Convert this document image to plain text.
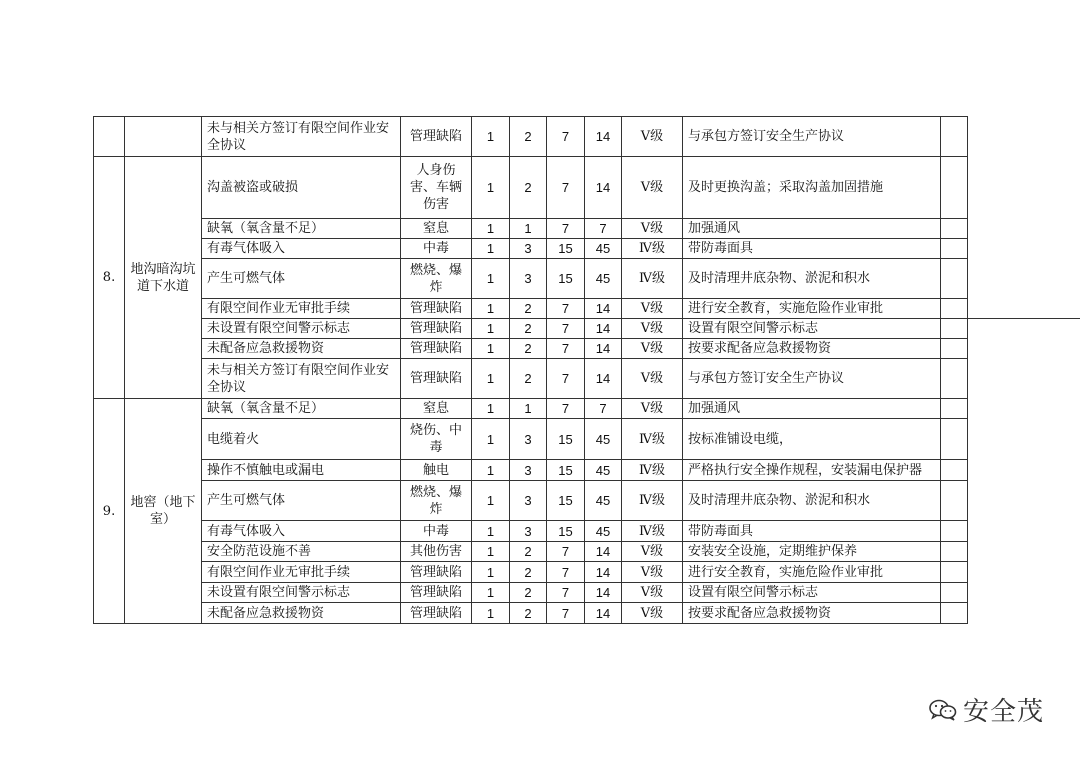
		未与相关方签订有限空间作业安全协议	管理缺陷	1	2	7	14	Ⅴ级	与承包方签订安全生产协议	
8.	地沟暗沟坑道下水道	沟盖被盗或破损	人身伤害、车辆伤害	1	2	7	14	Ⅴ级	及时更换沟盖；采取沟盖加固措施	
		缺氧（氧含量不足）	窒息	1	1	7	7	Ⅴ级	加强通风	
		有毒气体吸入	中毒	1	3	15	45	Ⅳ级	带防毒面具	
		产生可燃气体	燃烧、爆炸	1	3	15	45	Ⅳ级	及时清理井底杂物、淤泥和积水	
		有限空间作业无审批手续	管理缺陷	1	2	7	14	Ⅴ级	进行安全教育，实施危险作业审批	
		未设置有限空间警示标志	管理缺陷	1	2	7	14	Ⅴ级	设置有限空间警示标志	
		未配备应急救援物资	管理缺陷	1	2	7	14	Ⅴ级	按要求配备应急救援物资	
		未与相关方签订有限空间作业安全协议	管理缺陷	1	2	7	14	Ⅴ级	与承包方签订安全生产协议	
9.	地窖（地下室）	缺氧（氧含量不足）	窒息	1	1	7	7	Ⅴ级	加强通风	
		电缆着火	烧伤、中毒	1	3	15	45	Ⅳ级	按标准铺设电缆，	
		操作不慎触电或漏电	触电	1	3	15	45	Ⅳ级	严格执行安全操作规程，安装漏电保护器	
		产生可燃气体	燃烧、爆炸	1	3	15	45	Ⅳ级	及时清理井底杂物、淤泥和积水	
		有毒气体吸入	中毒	1	3	15	45	Ⅳ级	带防毒面具	
		安全防范设施不善	其他伤害	1	2	7	14	Ⅴ级	安装安全设施，定期维护保养	
		有限空间作业无审批手续	管理缺陷	1	2	7	14	Ⅴ级	进行安全教育，实施危险作业审批	
		未设置有限空间警示标志	管理缺陷	1	2	7	14	Ⅴ级	设置有限空间警示标志	
		未配备应急救援物资	管理缺陷	1	2	7	14	Ⅴ级	按要求配备应急救援物资	
安全茂
